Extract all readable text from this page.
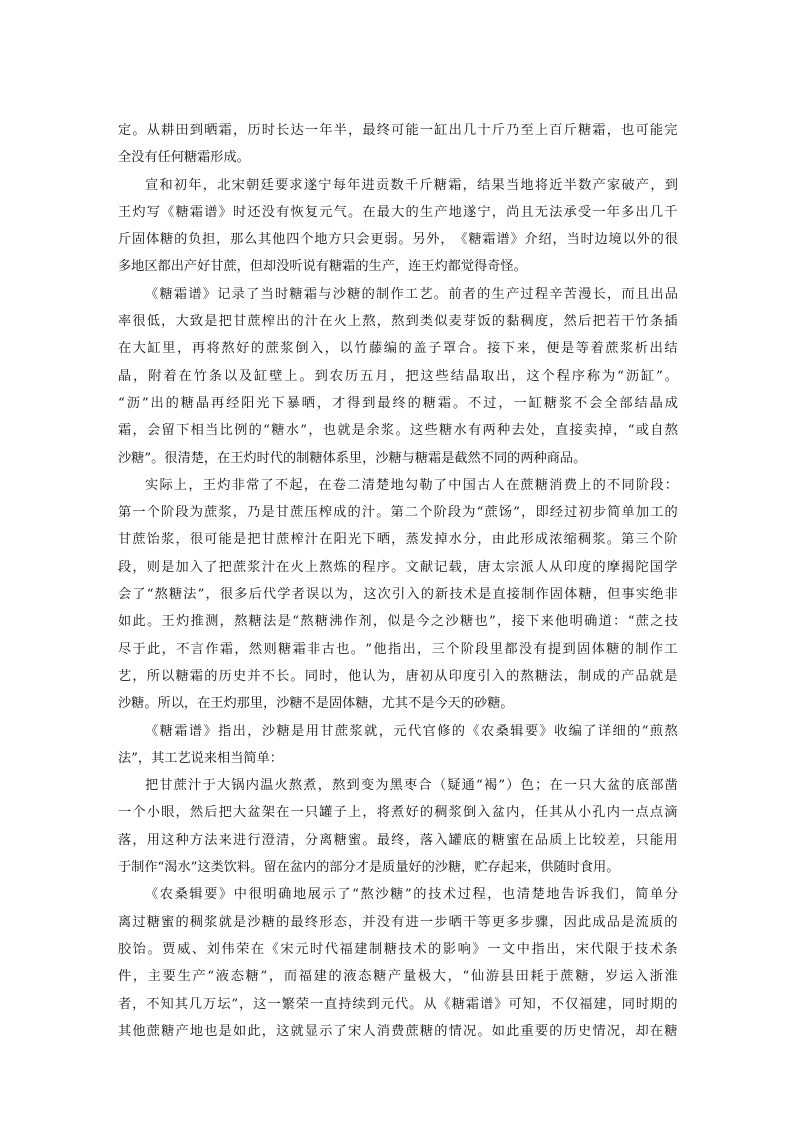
定 。 从 耕 田 到 晒 霜 ， 历 时 长 达 一 年 半 ， 最 终 可 能 一 缸 出 几 十 斤 乃 至 上 百 斤 糖 霜 ， 也 可 能 完
全没有任何糖霜形成。
宣 和 初 年 ， 北 宋 朝 廷 要 求 遂 宁 每 年 进 贡 数 千 斤 糖 霜 ， 结 果 当 地 将 近 半 数 产 家 破 产 ， 到
王 灼 写 《 糖 霜 谱 》 时 还 没 有 恢 复 元 气 。 在 最 大 的 生 产 地 遂 宁 ， 尚 且 无 法 承 受 一 年 多 出 几 千
斤 固 体 糖 的 负 担 ， 那 么 其 他 四 个 地 方 只 会 更 弱 。 另 外 ， 《 糖 霜 谱 》 介 绍 ， 当 时 边 境 以 外 的 很
多地区都出产好甘蔗，但却没听说有糖霜的生产，连王灼都觉得奇怪。
《 糖 霜 谱 》 记 录 了 当 时 糖 霜 与 沙 糖 的 制 作 工 艺 。 前 者 的 生 产 过 程 辛 苦 漫 长 ， 而 且 出 品
率 很 低 ， 大 致 是 把 甘 蔗 榨 出 的 汁 在 火 上 熬 ， 熬 到 类 似 麦 芽 饭 的 黏 稠 度 ， 然 后 把 若 干 竹 条 插
在 大 缸 里 ， 再 将 熬 好 的 蔗 浆 倒 入 ， 以 竹 藤 编 的 盖 子 罩 合 。 接 下 来 ， 便 是 等 着 蔗 浆 析 出 结
晶 ， 附 着 在 竹 条 以 及 缸 壁 上 。 到 农 历 五 月 ， 把 这 些 结 晶 取 出 ， 这 个 程 序 称 为 “ 沥 缸 ” 。
“ 沥 ” 出 的 糖 晶 再 经 阳 光 下 暴 晒 ， 才 得 到 最 终 的 糖 霜 。 不 过 ， 一 缸 糖 浆 不 会 全 部 结 晶 成
霜 ， 会 留 下 相 当 比 例 的 “ 糖 水 ” ， 也 就 是 余 浆 。 这 些 糖 水 有 两 种 去 处 ， 直 接 卖 掉 ， “ 或 自 熬
沙糖”。很清楚，在王灼时代的制糖体系里，沙糖与糖霜是截然不同的两种商品。
实 际 上 ， 王 灼 非 常 了 不 起 ， 在 卷 二 清 楚 地 勾 勒 了 中 国 古 人 在 蔗 糖 消 费 上 的 不 同 阶 段 ：
第 一 个 阶 段 为 蔗 浆 ， 乃 是 甘 蔗 压 榨 成 的 汁 。 第 二 个 阶 段 为 “ 蔗 饧 ” ， 即 经 过 初 步 简 单 加 工 的
甘 蔗 饴 浆 ， 很 可 能 是 把 甘 蔗 榨 汁 在 阳 光 下 晒 ， 蒸 发 掉 水 分 ， 由 此 形 成 浓 缩 稠 浆 。 第 三 个 阶
段 ， 则 是 加 入 了 把 蔗 浆 汁 在 火 上 熬 炼 的 程 序 。 文 献 记 载 ， 唐 太 宗 派 人 从 印 度 的 摩 揭 陀 国 学
会 了 “ 熬 糖 法 ” ， 很 多 后 代 学 者 误 以 为 ， 这 次 引 入 的 新 技 术 是 直 接 制 作 固 体 糖 ， 但 事 实 绝 非
如 此 。 王 灼 推 测 ， 熬 糖 法 是 “ 熬 糖 沸 作 剂 ， 似 是 今 之 沙 糖 也 ” ， 接 下 来 他 明 确 道 ： “ 蔗 之 技
尽 于 此 ， 不 言 作 霜 ， 然 则 糖 霜 非 古 也 。 ” 他 指 出 ， 三 个 阶 段 里 都 没 有 提 到 固 体 糖 的 制 作 工
艺 ， 所 以 糖 霜 的 历 史 并 不 长 。 同 时 ， 他 认 为 ， 唐 初 从 印 度 引 入 的 熬 糖 法 ， 制 成 的 产 品 就 是
沙糖。所以，在王灼那里，沙糖不是固体糖，尤其不是今天的砂糖。
《 糖 霜 谱 》 指 出 ， 沙 糖 是 用 甘 蔗 浆 就 ， 元 代 官 修 的 《 农 桑 辑 要 》 收 编 了 详 细 的 “ 煎 熬
法”，其工艺说来相当简单：
把 甘 蔗 汁 于 大 锅 内 温 火 熬 煮 ， 熬 到 变 为 黑 枣 合 （ 疑 通 “ 褐 ” ） 色 ； 在 一 只 大 盆 的 底 部 凿
一 个 小 眼 ， 然 后 把 大 盆 架 在 一 只 罐 子 上 ， 将 煮 好 的 稠 浆 倒 入 盆 内 ， 任 其 从 小 孔 内 一 点 点 滴
落 ， 用 这 种 方 法 来 进 行 澄 清 ， 分 离 糖 蜜 。 最 终 ， 落 入 罐 底 的 糖 蜜 在 品 质 上 比 较 差 ， 只 能 用
于制作“渴水”这类饮料。留在盆内的部分才是质量好的沙糖，贮存起来，供随时食用。
《 农 桑 辑 要 》 中 很 明 确 地 展 示 了 “ 熬 沙 糖 ” 的 技 术 过 程 ， 也 清 楚 地 告 诉 我 们 ， 简 单 分
离 过 糖 蜜 的 稠 浆 就 是 沙 糖 的 最 终 形 态 ， 并 没 有 进 一 步 晒 干 等 更 多 步 骤 ， 因 此 成 品 是 流 质 的
胶 饴 。 贾 威 、 刘 伟 荣 在 《 宋 元 时 代 福 建 制 糖 技 术 的 影 响 》 一 文 中 指 出 ， 宋 代 限 于 技 术 条
件 ， 主 要 生 产 “ 液 态 糖 ” ， 而 福 建 的 液 态 糖 产 量 极 大 ， “ 仙 游 县 田 耗 于 蔗 糖 ， 岁 运 入 浙 淮
者 ， 不 知 其 几 万 坛 ” ， 这 一 繁 荣 一 直 持 续 到 元 代 。 从 《 糖 霜 谱 》 可 知 ， 不 仅 福 建 ， 同 时 期 的
其 他 蔗 糖 产 地 也 是 如 此 ， 这 就 显 示 了 宋 人 消 费 蔗 糖 的 情 况 。 如 此 重 要 的 历 史 情 况 ， 却 在 糖
